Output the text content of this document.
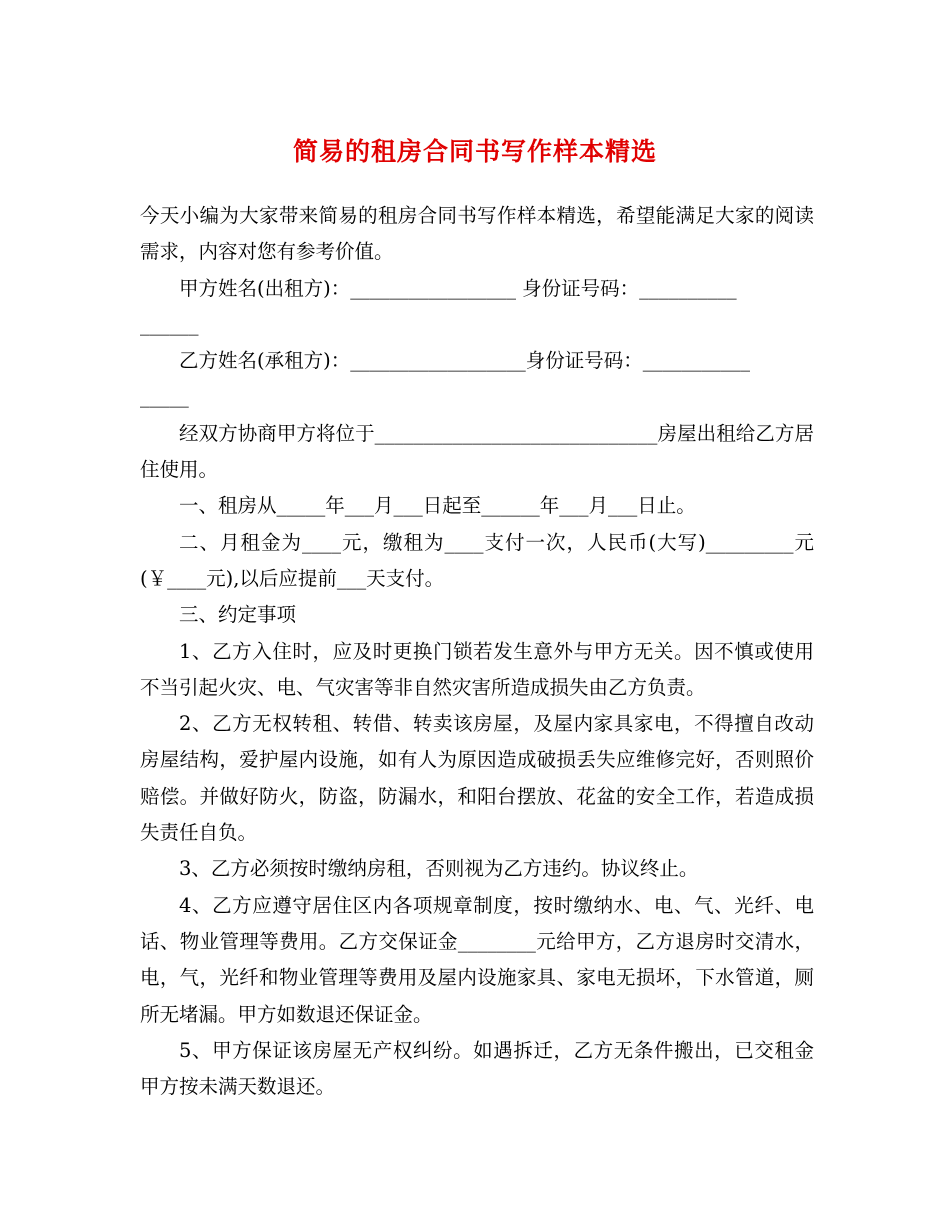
简易的租房合同书写作样本精选

今天小编为大家带来简易的租房合同书写作样本精选，希望能满足大家的阅读需求，内容对您有参考价值。

甲方姓名(出租方)：_________________ 身份证号码：__________

______

乙方姓名(承租方)：__________________身份证号码：___________

_____

经双方协商甲方将位于_____________________________房屋出租给乙方居住使用。

一、租房从_____年___月___日起至______年___月___日止。

二、月租金为____元，缴租为____支付一次，人民币(大写)_________元(￥____元),以后应提前___天支付。

三、约定事项

1、乙方入住时，应及时更换门锁若发生意外与甲方无关。因不慎或使用不当引起火灾、电、气灾害等非自然灾害所造成损失由乙方负责。

2、乙方无权转租、转借、转卖该房屋，及屋内家具家电，不得擅自改动房屋结构，爱护屋内设施，如有人为原因造成破损丢失应维修完好，否则照价赔偿。并做好防火，防盗，防漏水，和阳台摆放、花盆的安全工作，若造成损失责任自负。

3、乙方必须按时缴纳房租，否则视为乙方违约。协议终止。

4、乙方应遵守居住区内各项规章制度，按时缴纳水、电、气、光纤、电话、物业管理等费用。乙方交保证金________元给甲方，乙方退房时交清水，电，气，光纤和物业管理等费用及屋内设施家具、家电无损坏，下水管道，厕所无堵漏。甲方如数退还保证金。

5、甲方保证该房屋无产权纠纷。如遇拆迁，乙方无条件搬出，已交租金甲方按未满天数退还。
